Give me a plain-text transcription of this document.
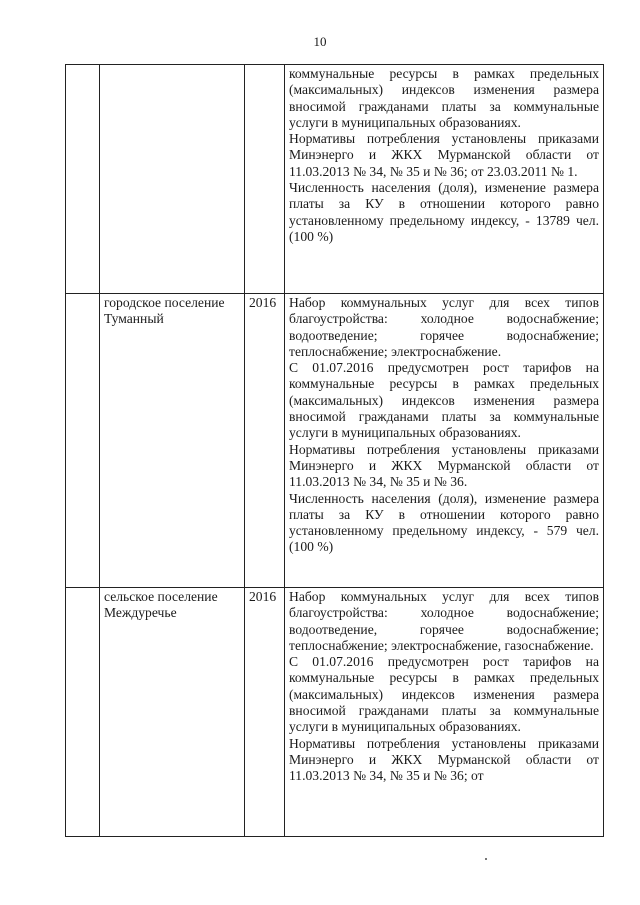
10

			коммунальные ресурсы в рамках предельных (максимальных) индексов изменения размера вносимой гражданами платы за коммунальные услуги в муниципальных образованиях.

Нормативы потребления установлены приказами Минэнерго и ЖКХ Мурманской области от 11.03.2013 № 34, № 35 и № 36; от 23.03.2011 № 1.

Численность населения (доля), изменение размера платы за КУ в отношении которого равно установленному предельному индексу, - 13789 чел. (100 %)

	городское поселение Туманный	2016	Набор коммунальных услуг для всех типов благоустройства: холодное водоснабжение; водоотведение; горячее водоснабжение; теплоснабжение; электроснабжение.

С 01.07.2016 предусмотрен рост тарифов на коммунальные ресурсы в рамках предельных (максимальных) индексов изменения размера вносимой гражданами платы за коммунальные услуги в муниципальных образованиях.

Нормативы потребления установлены приказами Минэнерго и ЖКХ Мурманской области от 11.03.2013 № 34, № 35 и № 36.

Численность населения (доля), изменение размера платы за КУ в отношении которого равно установленному предельному индексу, - 579 чел. (100 %)

	сельское поселение Междуречье	2016	Набор коммунальных услуг для всех типов благоустройства: холодное водоснабжение; водоотведение, горячее водоснабжение; теплоснабжение; электроснабжение, газоснабжение.

С 01.07.2016 предусмотрен рост тарифов на коммунальные ресурсы в рамках предельных (максимальных) индексов изменения размера вносимой гражданами платы за коммунальные услуги в муниципальных образованиях.

Нормативы потребления установлены приказами Минэнерго и ЖКХ Мурманской области от 11.03.2013 № 34, № 35 и № 36; от
